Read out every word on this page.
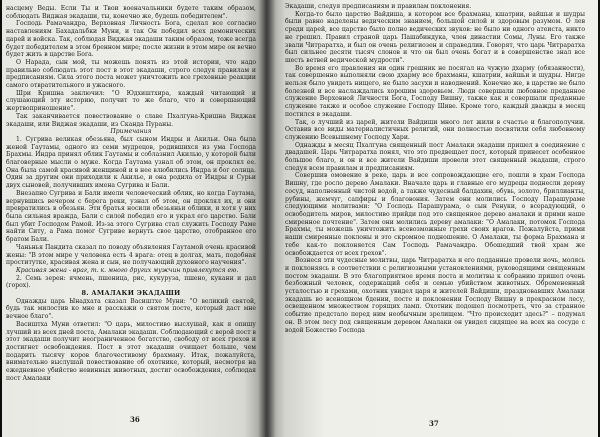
насцему Веды. Если Ты и Твои военачальники будете таким образом, соблюдать Виджая экадаши, ты, конечно же, будешь победителем".

Господь Рамачандра, Верховная Личность Бога, сделал все согласно наставлениям Бахадальбки Муни, и так Он победил всех демонических царей и войска. Так, соблюдая Виджая экадаши таким образом, тоже всегда будет победителем в этом бренном мире; после жизни в этом мире он вечно будет жить в царстве Бога.

О Нарада, сын мой, ты можешь понять из этой истории, что надо правильно соблюдать этот пост в этот экадаши, строго следуя правилам и предписаниям. Сила этого поста может уничтожить все греховные реакции самого отвратительного и ужасного.

Шри Кришна заключил: "О Юдхиштхира, каждый читающий и слушающий эту историю, получит то же благо, что и совершающий жертвоприношение".

Так заканчивается повествование о славе Пхалгуна-Кришна Виджая экадаши, или Виджая экадаши, из Сканда Пураны.

Примечания

1. Сугрива великая обезьяна, был сыном Индры и Акильи. Она была женой Гаутамы, одного из семи мудрецов, родившихся из ума Господа Брахмы. Индра принял облик Гаутамы и соблазнил Акилью, у которой были благоверные мысли о муже. Когда Гаутама узнал об этом, он проклял ее. Она была самой красивой женщиной и в нее влюбились Индра и бог солнца. Один за другим они приходили к Акилье, и она родила от Индры и Сурьи двух сыновей, получивших имена Сугрива и Бали.

Внезапно Сугрива и Бали имели человеческий облик, но когда Гаутама, вернувшись вечером с берега реки, узнал об этом, он проклял их, и они превратились в обезьян. Эти братья носили обезьяньи облики, и хотя у них была сильная вражда, Бали с силой победил его и украл его царство. Бали был убит Господом Рамой. Из-за этого Сугрива стал служить Господу Раме найти Ситу, а Рама помог Сугриве вернуть свое царство, отобранное его братом Бали.

Чаньнья Пандита сказал по поводу объявления Гаутамой очень красивой жены: "В этом мире у человека есть 4 врага: отец в долгах, мать, подобная проститутке, красивая жена и сын, не получающий духовного научения".

Красивая жена - враг, т. к. много других мужчин привлекутся ею.

2. Семь зерен: ячмень, пшеница, рис, кукуруза, пшено, кукани и дал (горох).

8. АМАЛАКИ ЭКАДАШИ

Однажды царь Ынадхата сказал Васиштхе Муни: "О великий святой, будь так милостив ко мне и расскажи о святом посте, который даст мне вечное благо".

Васиштха Муни ответил: "О царь, милостиво выслушай, как я опишу лучший из всех дней поста, Амалаки экадаши. Соблюдающий с верой пост в этот экадаши получит неограниченное богатство, свободу от всех грехов и достигнет освобождения. Пост в этот экадаши очищает больше, чем подарить тысячу коров благочестивому брахману. Итак, пожалуйста, внимательно выслушай повествование об охотнике, который, несмотря на ежедневное убийство невинных животных, достиг освобождения, соблюдая пост Амалаки

36

Экадаши, следуя предписаниям и правилам поклонения.

Когда-то было царство Вайдиша, в котором все брахманы, кшатрии, вайшьи и шудры были равно наделены ведическим знанием, большой силой и здоровым разумом. О лев среди царей, все царство было полно ведических звуков: не было ни одного атеиста, никто не грешил. Правил страной царь Пашабиндука, член династии Сомы, Луны. Его также звали Читраратха, и был он очень религиозен и справедлив. Говорят, что царь Читраратха был сильнее десяти тысяч слонов и что он был очень богат и в совершенстве знал все шесть ветвей ведической мудрости".

Во время его правления ни один грешник не посягал на чужую дхарму (обязанности), так совершенно выполняли свою дхарму все брахманы, кшатрии, вайшьи и шудры. Нигде нельзя было увидеть нищего, не было засухи и наводнений. Конечно же, в царстве не было болезней и все наслаждались хорошим здоровьем. Люди совершали любовное преданное служение Верховной Личности Бога, Господу Вишну, также как и совершали преданные служение также и особое служение Господу Шиве. Кроме того, каждый дважды в месяц постился в экадаши.

Так, о лучший из царей, жители Вайдиши много лет жили в счастье и благополучии. Оставив все виды материалистичных религий, они полностью посвятили себя любовному служению Всевышнему Господу Хари.

Однажды в месяц Пхалгуна священный пост Амалаки экадаши пришел в соединение с двадашей. Царь Читраратха понял, что это предвещает пост, который принесет особенное большое благо, и он и все жители Вайдиши провели этот священный экадаши, строго следуя всем правилам и предписаниям.

Совершив омовение в реке, царь и все сопровождающие его, пошли в храм Господа Вишну, где росло дерево Амалаки. Вначале царь и главные его мудрецы поднесли дереву сосуд, наполненный чистой водой, а также чудесный балдахин, обувь, золото, бриллианты, рубины, жемчуг, сапфиры и благовония. Затем они молились Господу Парашураме следующими молитвами: "О Господь Парашурама, о сын Ренуки, о всерадующий, о освободитель миров, милостиво прийди под это священное дерево амалаки и прими наше смиренное почтение". Затем они молились дереву амалаки: "О Амалаки, потомок Господа Брахмы, ты можешь уничтожить всевозможные грехи своих врагов. Пожалуйста, прими наши смиренные поклоны и это скромное подношение. О Амалаки, ты форма Брахмана и тебе как-то поклоняется Сам Господь Рамачандра. Обошедший твой храм же освобождается от всех грехов".

Вознеся эти чудесные молитвы, царь Читраратха и его подданные провели ночь, молясь и поклоняясь в соответствии с религиозными установлениями, руководящими священным постом экадаши. В это благоприятное время поста и молитвы к собранию пришел очень безбожный человек, содержащий себя и семью убийством животных. Обремененный усталостью и грехами, охотник увидел царя и жителей Вайдиши, праздновавших Амалаки экадашь во всенощном бдении, посте и поклонении Господу Вишну в прекрасном лесу, освещенном множеством горящих ламп. Охотник подошел посмотреть, что за странное событие предстало перед ним необычным зрелищем. "Что происходит здесь?" – подумал он. В этом лесу под священным деревом Амалаки он увидел сидящее на всех на сосуде с водой Божество Господа

37
